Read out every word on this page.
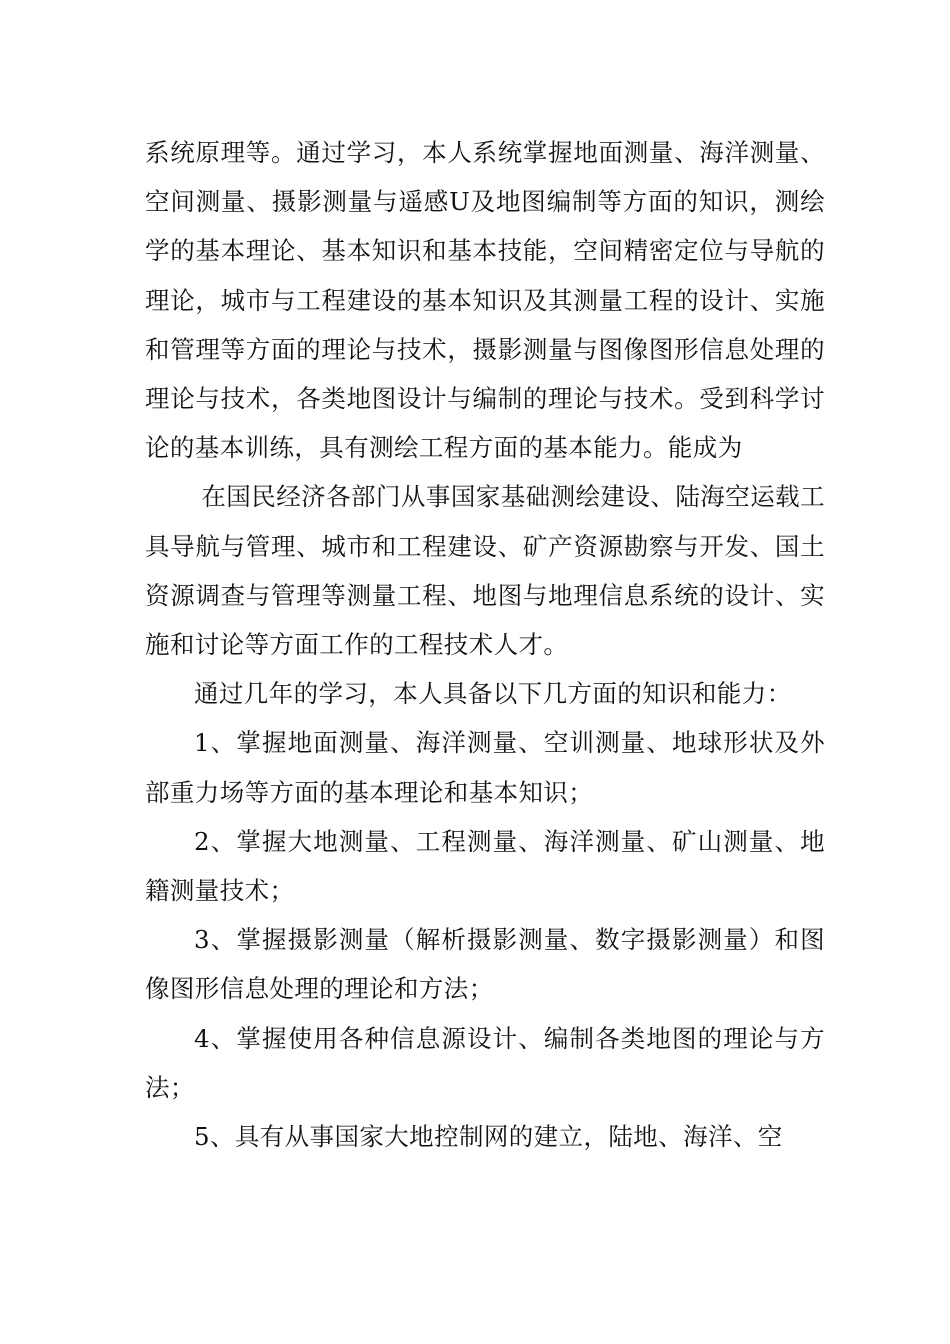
系统原理等。通过学习，本人系统掌握地面测量、海洋测量、空间测量、摄影测量与遥感U及地图编制等方面的知识，测绘学的基本理论、基本知识和基本技能，空间精密定位与导航的理论，城市与工程建设的基本知识及其测量工程的设计、实施和管理等方面的理论与技术，摄影测量与图像图形信息处理的理论与技术，各类地图设计与编制的理论与技术。受到科学讨论的基本训练，具有测绘工程方面的基本能力。能成为

在国民经济各部门从事国家基础测绘建设、陆海空运载工具导航与管理、城市和工程建设、矿产资源勘察与开发、国土资源调查与管理等测量工程、地图与地理信息系统的设计、实施和讨论等方面工作的工程技术人才。

通过几年的学习，本人具备以下几方面的知识和能力：

1、掌握地面测量、海洋测量、空训测量、地球形状及外部重力场等方面的基本理论和基本知识；

2、掌握大地测量、工程测量、海洋测量、矿山测量、地籍测量技术；

3、掌握摄影测量（解析摄影测量、数字摄影测量）和图像图形信息处理的理论和方法；

4、掌握使用各种信息源设计、编制各类地图的理论与方法；

5、具有从事国家大地控制网的建立，陆地、海洋、空
